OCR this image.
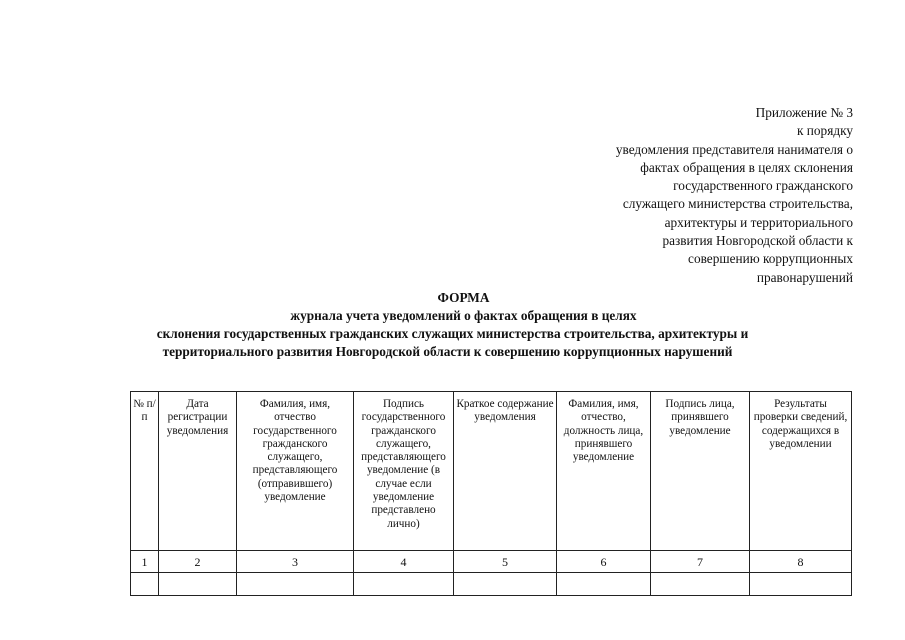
Приложение № 3
к порядку
уведомления представителя нанимателя о
фактах обращения в целях склонения
государственного гражданского
служащего министерства строительства,
архитектуры и территориального
развития Новгородской области к
совершению коррупционных
правонарушений
ФОРМА
журнала учета уведомлений о фактах обращения в целях
склонения государственных гражданских служащих министерства строительства, архитектуры и
территориального развития Новгородской области к совершению коррупционных нарушений
№ п/п	Дата регистрации уведомления	Фамилия, имя, отчество государственного гражданского служащего, представляющего (отправившего) уведомление	Подпись государственного гражданского служащего, представляющего уведомление (в случае если уведомление представлено лично)	Краткое содержание уведомления	Фамилия, имя, отчество, должность лица, принявшего уведомление	Подпись лица, принявшего уведомление	Результаты проверки сведений, содержащихся в уведомлении
1	2	3	4	5	6	7	8
